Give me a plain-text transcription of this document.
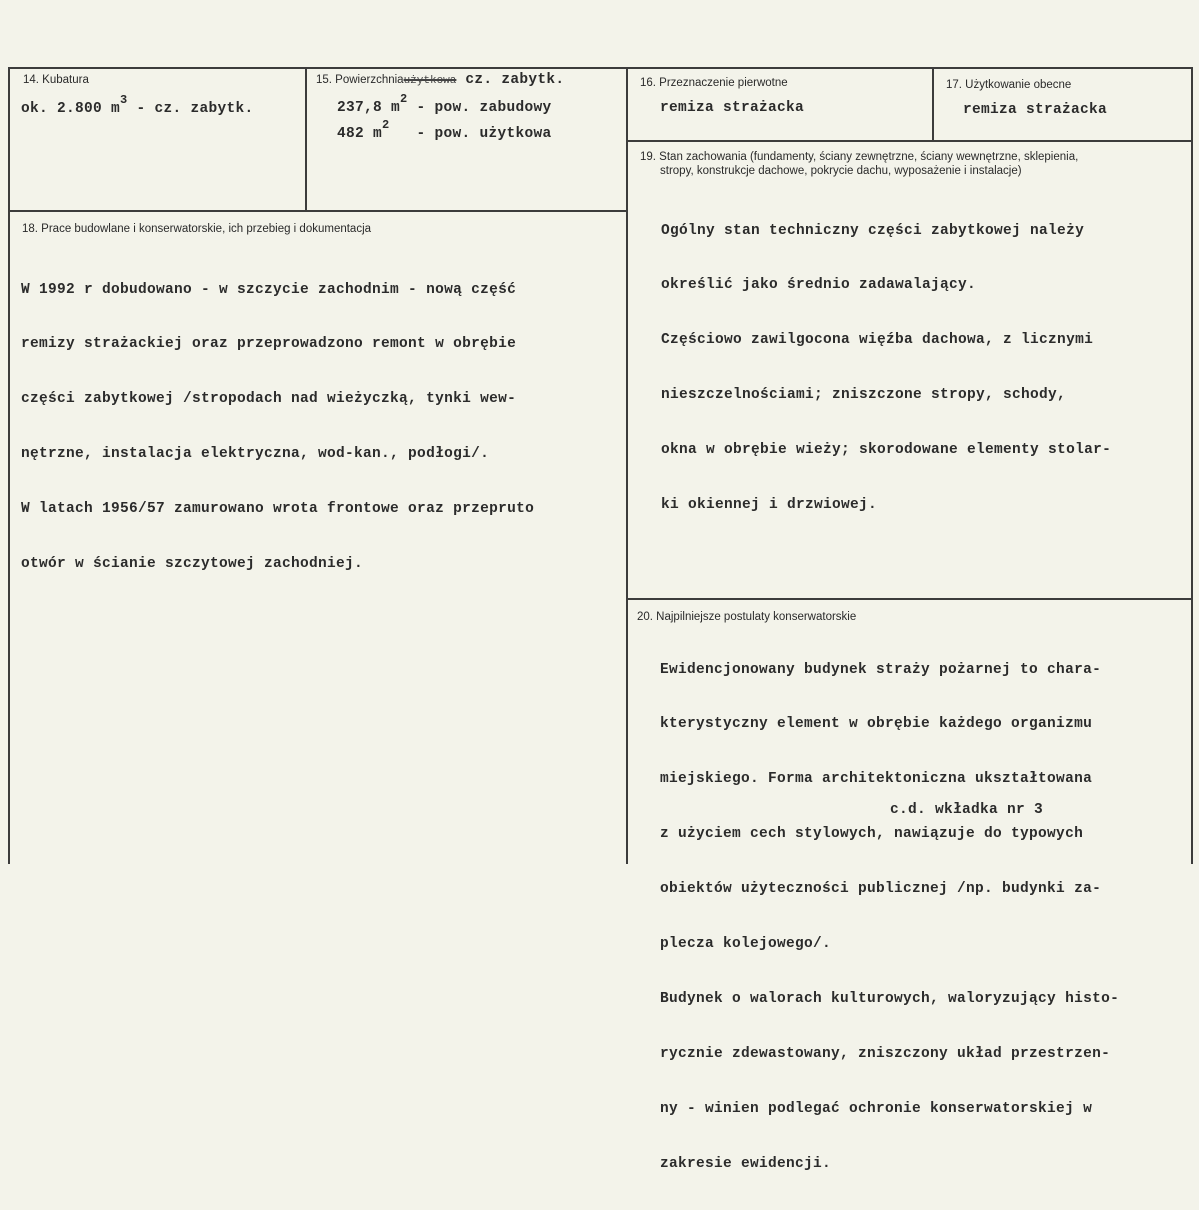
14. Kubatura
ok. 2.800 $m^3$ - cz. zabytk.
15. Powierzchniaużytkowa cz. zabytk.
237,8 $m^2$ - pow. zabudowy
482 $m^2$   - pow. użytkowa
16. Przeznaczenie pierwotne
remiza strażacka
17. Użytkowanie obecne
remiza strażacka
18. Prace budowlane i konserwatorskie, ich przebieg i dokumentacja

W 1992 r dobudowano - w szczycie zachodnim - nową część

remizy strażackiej oraz przeprowadzono remont w obrębie

części zabytkowej /stropodach nad wieżyczką, tynki wew-

nętrzne, instalacja elektryczna, wod-kan., podłogi/.

W latach 1956/57 zamurowano wrota frontowe oraz przepruto

otwór w ścianie szczytowej zachodniej.

19. Stan zachowania (fundamenty, ściany zewnętrzne, ściany wewnętrzne, sklepienia,
stropy, konstrukcje dachowe, pokrycie dachu, wyposażenie i instalacje)

Ogólny stan techniczny części zabytkowej należy

określić jako średnio zadawalający.

Częściowo zawilgocona więźba dachowa, z licznymi

nieszczelnościami; zniszczone stropy, schody,

okna w obrębie wieży; skorodowane elementy stolar-

ki okiennej i drzwiowej.

20. Najpilniejsze postulaty konserwatorskie

Ewidencjonowany budynek straży pożarnej to chara-

kterystyczny element w obrębie każdego organizmu

miejskiego. Forma architektoniczna ukształtowana

z użyciem cech stylowych, nawiązuje do typowych

obiektów użyteczności publicznej /np. budynki za-

plecza kolejowego/.

Budynek o walorach kulturowych, waloryzujący histo-

rycznie zdewastowany, zniszczony układ przestrzen-

ny - winien podlegać ochronie konserwatorskiej w

zakresie ewidencji.

c.d. wkładka nr 3
